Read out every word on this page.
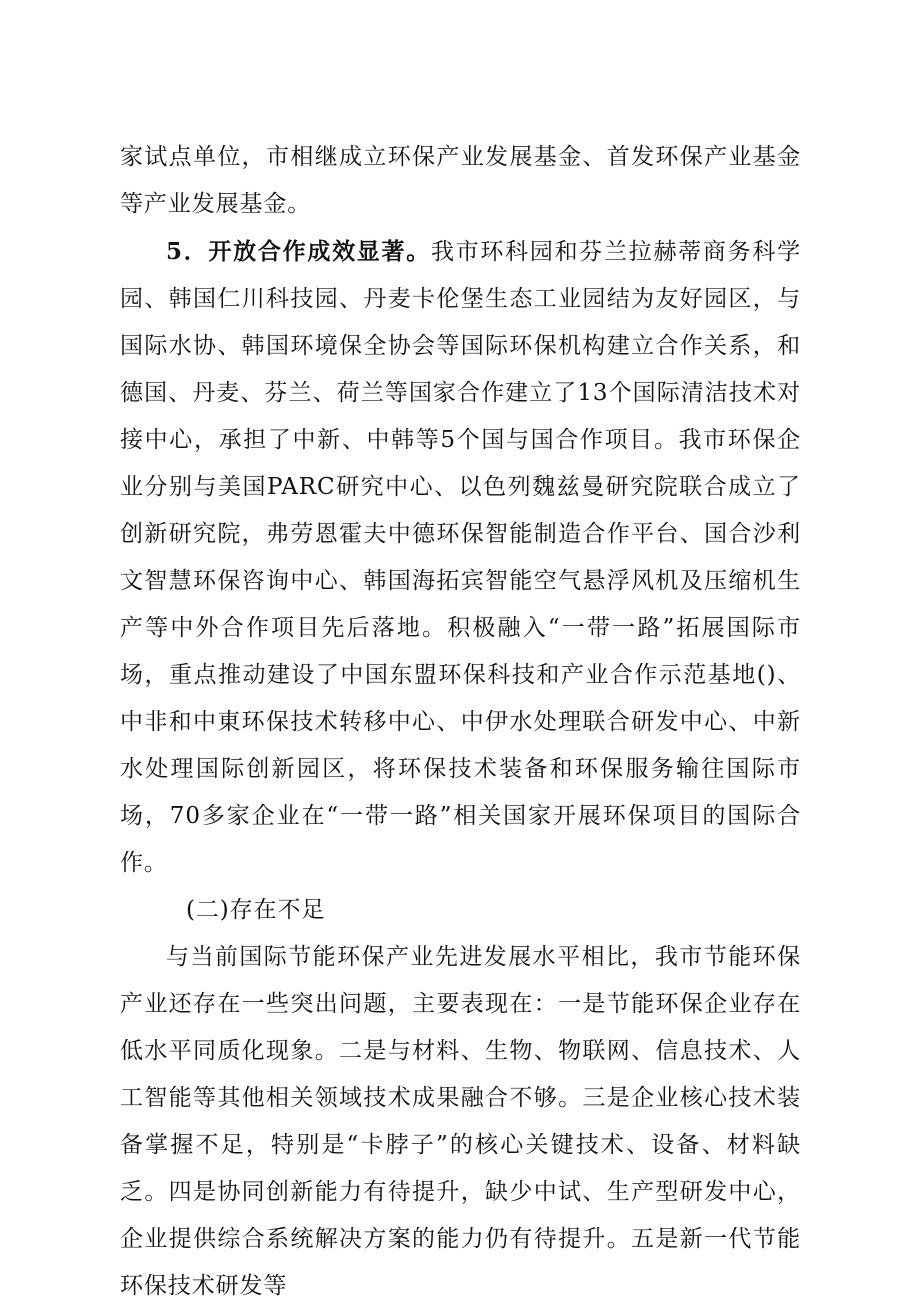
家试点单位，市相继成立环保产业发展基金、首发环保产业基金等产业发展基金。

5．开放合作成效显著。我市环科园和芬兰拉赫蒂商务科学园、韩国仁川科技园、丹麦卡伦堡生态工业园结为友好园区，与国际水协、韩国环境保全协会等国际环保机构建立合作关系，和德国、丹麦、芬兰、荷兰等国家合作建立了13个国际清洁技术对接中心，承担了中新、中韩等5个国与国合作项目。我市环保企业分别与美国PARC研究中心、以色列魏兹曼研究院联合成立了创新研究院，弗劳恩霍夫中德环保智能制造合作平台、国合沙利文智慧环保咨询中心、韩国海拓宾智能空气悬浮风机及压缩机生产等中外合作项目先后落地。积极融入“一带一路”拓展国际市场，重点推动建设了中国东盟环保科技和产业合作示范基地()、中非和中東环保技术转移中心、中伊水处理联合研发中心、中新水处理国际创新园区，将环保技术装备和环保服务输往国际市场，70多家企业在“一带一路”相关国家开展环保项目的国际合作。

(二)存在不足

与当前国际节能环保产业先进发展水平相比，我市节能环保产业还存在一些突出问题，主要表现在：一是节能环保企业存在低水平同质化现象。二是与材料、生物、物联网、信息技术、人工智能等其他相关领域技术成果融合不够。三是企业核心技术装备掌握不足，特别是“卡脖子”的核心关键技术、设备、材料缺乏。四是协同创新能力有待提升，缺少中试、生产型研发中心，企业提供综合系统解决方案的能力仍有待提升。五是新一代节能环保技术研发等
